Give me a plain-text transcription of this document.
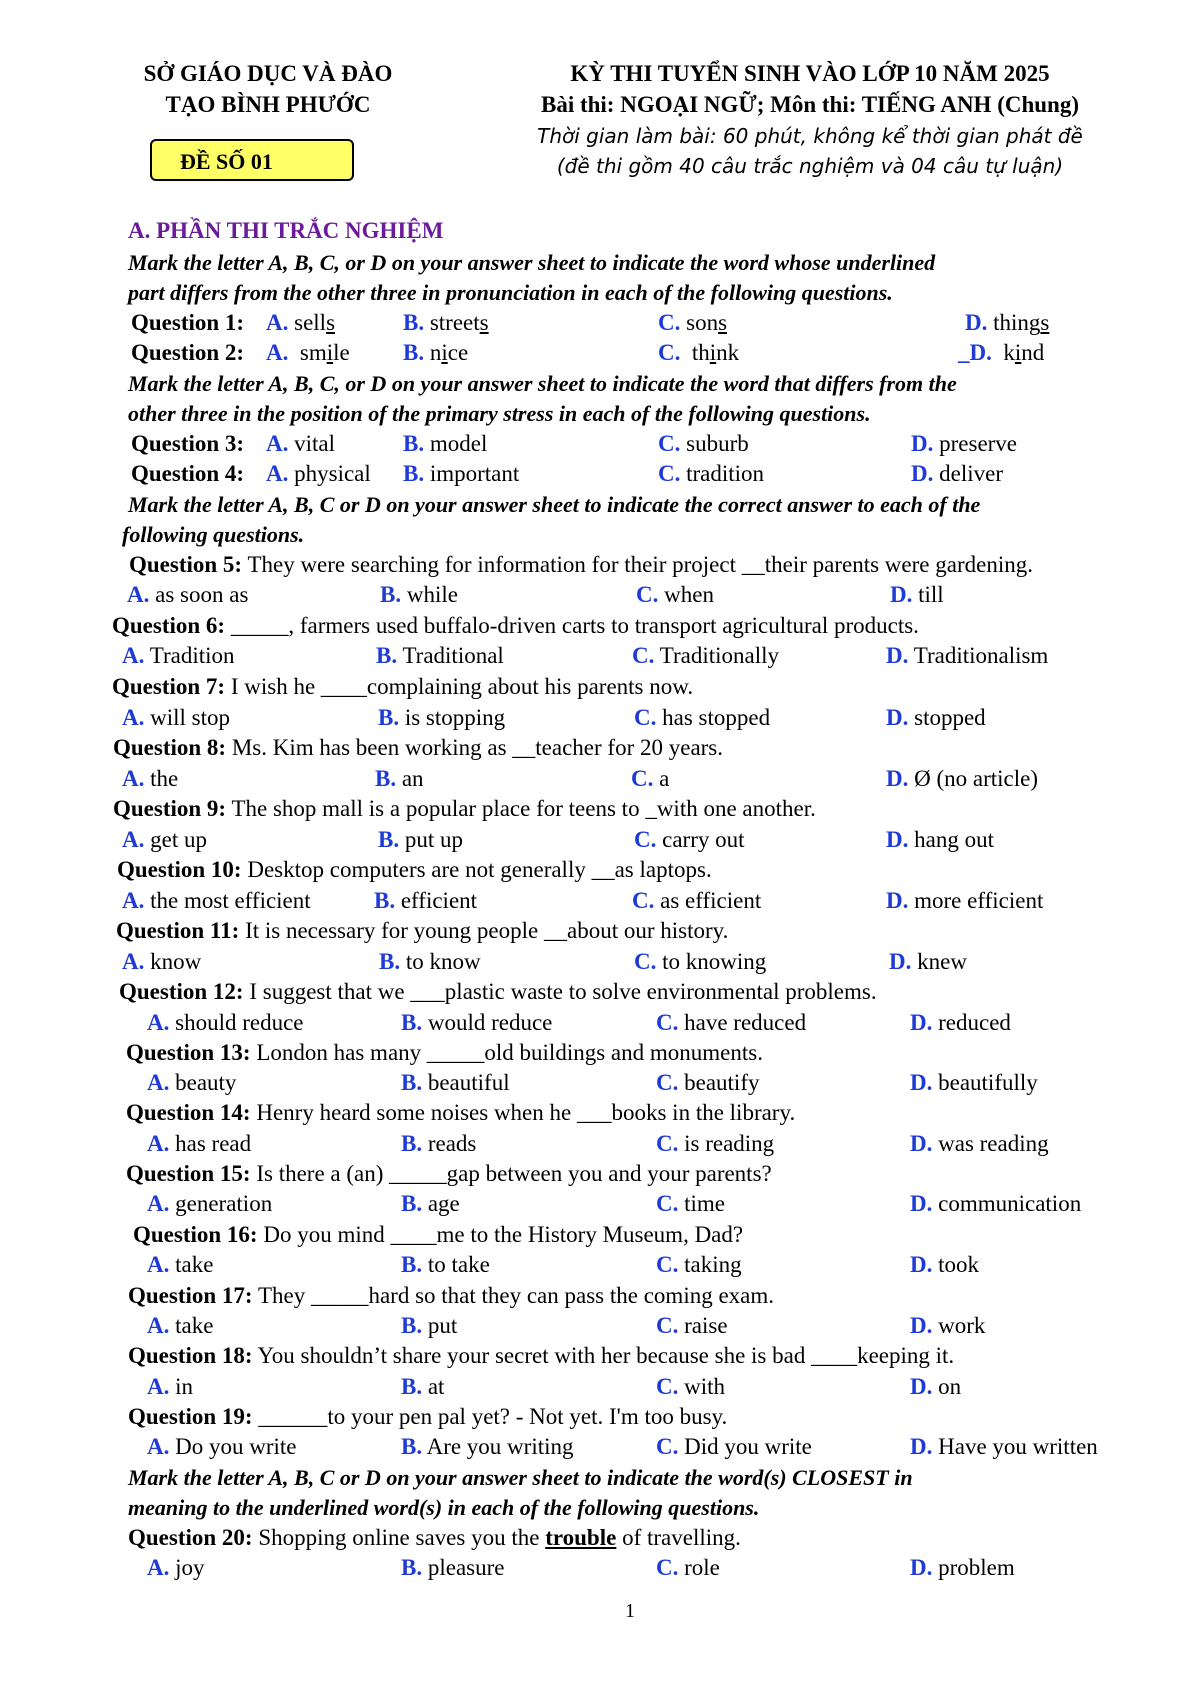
SỞ GIÁO DỤC VÀ ĐÀO
TẠO BÌNH PHƯỚC
KỲ THI TUYỂN SINH VÀO LỚP 10 NĂM 2025
Bài thi: NGOẠI NGỮ; Môn thi: TIẾNG ANH (Chung)
Thời gian làm bài: 60 phút, không kể thời gian phát đề
(đề thi gồm 40 câu trắc nghiệm và 04 câu tự luận)
ĐỀ SỐ 01
A. PHẦN THI TRẮC NGHIỆM
Mark the letter A, B, C, or D on your answer sheet to indicate the word whose underlined
part differs from the other three in pronunciation in each of the following questions.
Question 1: A. sells	B. streets	C. sons	D. things
Question 2: A. smile B. nice	C. think	_D. kind
Mark the letter A, B, C, or D on your answer sheet to indicate the word that differs from the
other three in the position of the primary stress in each of the following questions.
Question 3: A. vital	B. model	C. suburb	D. preserve
Question 4: A. physical B. important	C. tradition	D. deliver
Mark the letter A, B, C or D on your answer sheet to indicate the correct answer to each of the
following questions.
Question 5: They were searching for information for their project __their parents were gardening.
A. as soon as	B. while	C. when	D. till
Question 6: _____, farmers used buffalo-driven carts to transport agricultural products.
A. Tradition	B. Traditional	C. Traditionally	D. Traditionalism
Question 7: I wish he ____complaining about his parents now.
A. will stop	B. is stopping	C. has stopped	D. stopped
Question 8: Ms. Kim has been working as __teacher for 20 years.
A. the	B. an	C. a	D. Ø (no article)
Question 9: The shop mall is a popular place for teens to _with one another.
A. get up	B. put up	C. carry out	D. hang out
Question 10: Desktop computers are not generally __as laptops.
A. the most efficient	B. efficient	C. as efficient	D. more efficient
Question 11: It is necessary for young people __about our history.
A. know	B. to know	C. to knowing	D. knew
Question 12: I suggest that we ___plastic waste to solve environmental problems.
A. should reduce	B. would reduce	C. have reduced	D. reduced
Question 13: London has many _____old buildings and monuments.
A. beauty	B. beautiful	C. beautify	D. beautifully
Question 14: Henry heard some noises when he ___books in the library.
A. has read	B. reads	C. is reading	D. was reading
Question 15: Is there a (an) _____gap between you and your parents?
A. generation	B. age	C. time	D. communication
Question 16: Do you mind ____me to the History Museum, Dad?
A. take	B. to take	C. taking	D. took
Question 17: They _____hard so that they can pass the coming exam.
A. take	B. put	C. raise	D. work
Question 18: You shouldn’t share your secret with her because she is bad ____keeping it.
A. in	B. at	C. with	D. on
Question 19: ______to your pen pal yet? - Not yet. I'm too busy.
A. Do you write	B. Are you writing	C. Did you write	D. Have you written
Mark the letter A, B, C or D on your answer sheet to indicate the word(s) CLOSEST in
meaning to the underlined word(s) in each of the following questions.
Question 20: Shopping online saves you the trouble of travelling.
A. joy	B. pleasure	C. role	D. problem
1
